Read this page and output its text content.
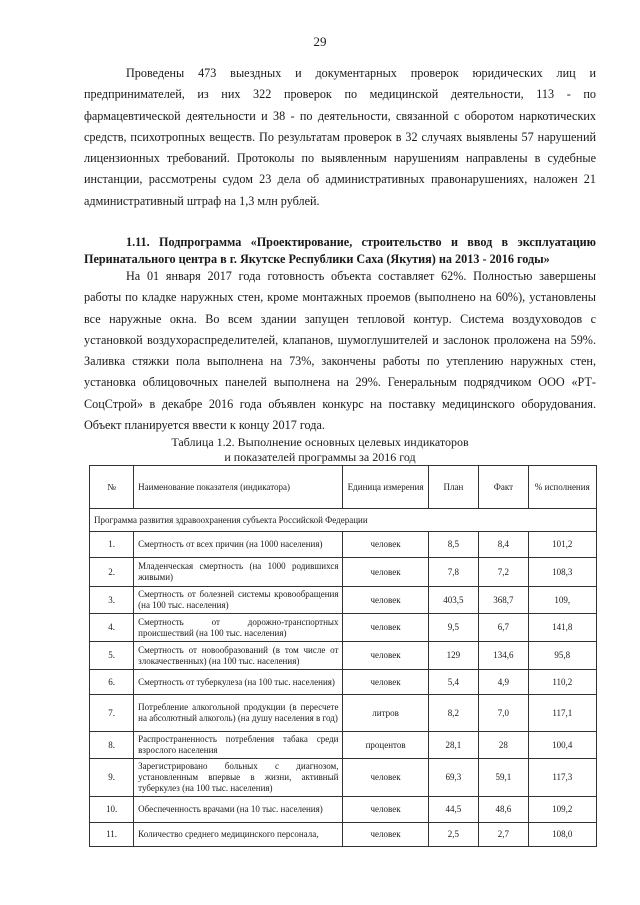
29

Проведены 473 выездных и документарных проверок юридических лиц и предпринимателей, из них 322 проверок по медицинской деятельности, 113 - по фармацевтической деятельности и 38 - по деятельности, связанной с оборотом наркотических средств, психотропных веществ. По результатам проверок в 32 случаях выявлены 57 нарушений лицензионных требований. Протоколы по выявленным нарушениям направлены в судебные инстанции, рассмотрены судом 23 дела об административных правонарушениях, наложен 21 административный штраф на 1,3 млн рублей.

1.11. Подпрограмма «Проектирование, строительство и ввод в эксплуатацию Перинатального центра в г. Якутске Республики Саха (Якутия) на 2013 - 2016 годы»

На 01 января 2017 года готовность объекта составляет 62%. Полностью завершены работы по кладке наружных стен, кроме монтажных проемов (выполнено на 60%), установлены все наружные окна. Во всем здании запущен тепловой контур. Система воздуховодов с установкой воздухораспределителей, клапанов, шумоглушителей и заслонок проложена на 59%. Заливка стяжки пола выполнена на 73%, закончены работы по утеплению наружных стен, установка облицовочных панелей выполнена на 29%. Генеральным подрядчиком ООО «РТ-СоцСтрой» в декабре 2016 года объявлен конкурс на поставку медицинского оборудования. Объект планируется ввести к концу 2017 года.

Таблица 1.2. Выполнение основных целевых индикаторов
и показателей программы за 2016 год
№	Наименование показателя (индикатора)	Единица измерения	План	Факт	% исполнения
Программа развития здравоохранения субъекта Российской Федерации					
1.	Смертность от всех причин (на 1000 населения)	человек	8,5	8,4	101,2
2.	Младенческая смертность (на 1000 родившихся живыми)	человек	7,8	7,2	108,3
3.	Смертность от болезней системы кровообращения (на 100 тыс. населения)	человек	403,5	368,7	109,
4.	Смертность от дорожно-транспортных происшествий (на 100 тыс. населения)	человек	9,5	6,7	141,8
5.	Смертность от новообразований (в том числе от злокачественных) (на 100 тыс. населения)	человек	129	134,6	95,8
6.	Смертность от туберкулеза (на 100 тыс. населения)	человек	5,4	4,9	110,2
7.	Потребление алкогольной продукции (в пересчете на абсолютный алкоголь) (на душу населения в год)	литров	8,2	7,0	117,1
8.	Распространенность потребления табака среди взрослого населения	процентов	28,1	28	100,4
9.	Зарегистрировано больных с диагнозом, установленным впервые в жизни, активный туберкулез (на 100 тыс. населения)	человек	69,3	59,1	117,3
10.	Обеспеченность врачами (на 10 тыс. населения)	человек	44,5	48,6	109,2
11.	Количество среднего медицинского персонала,	человек	2,5	2,7	108,0
